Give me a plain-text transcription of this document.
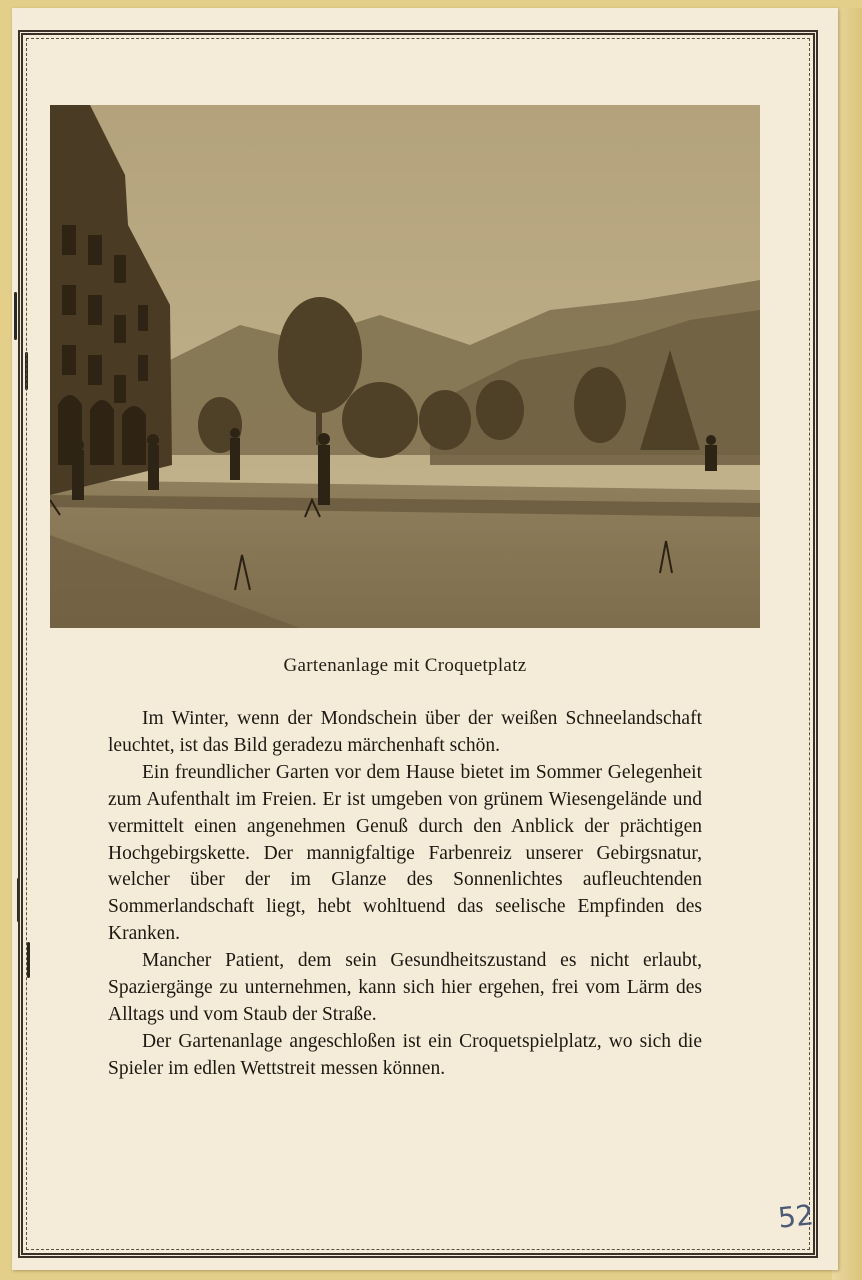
Gartenanlage mit Croquetplatz

Im Winter, wenn der Mondschein über der weißen Schneelandschaft leuchtet, ist das Bild geradezu märchenhaft schön.

Ein freundlicher Garten vor dem Hause bietet im Sommer Gelegenheit zum Aufenthalt im Freien. Er ist umgeben von grünem Wiesengelände und vermittelt einen angenehmen Genuß durch den Anblick der prächtigen Hochgebirgskette. Der mannigfaltige Farbenreiz unserer Gebirgsnatur, welcher über der im Glanze des Sonnenlichtes aufleuchtenden Sommerlandschaft liegt, hebt wohltuend das seelische Empfinden des Kranken.

Mancher Patient, dem sein Gesundheitszustand es nicht erlaubt, Spaziergänge zu unternehmen, kann sich hier ergehen, frei vom Lärm des Alltags und vom Staub der Straße.

Der Gartenanlage angeschloßen ist ein Croquetspielplatz, wo sich die Spieler im edlen Wettstreit messen können.

52
